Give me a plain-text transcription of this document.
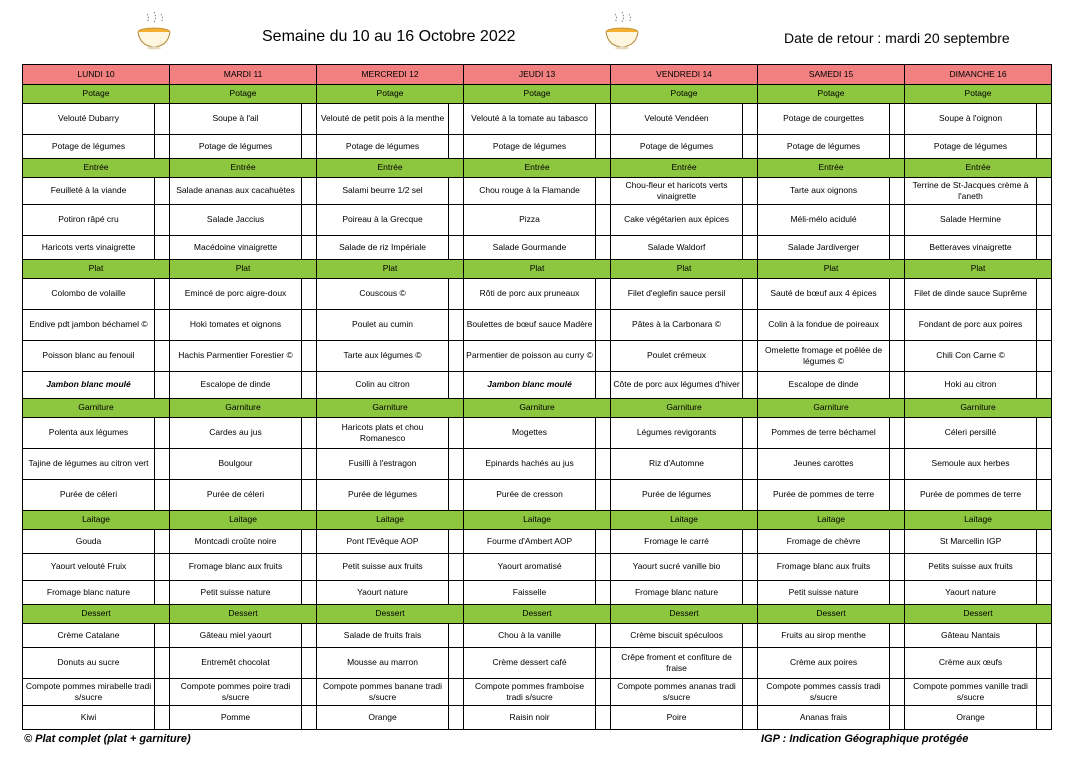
Semaine du 10 au 16 Octobre 2022	Date de retour : mardi 20 septembre
LUNDI 10		MARDI 11		MERCREDI 12		JEUDI 13		VENDREDI 14		SAMEDI 15		DIMANCHE 16	
Potage		Potage		Potage		Potage		Potage		Potage		Potage	
Velouté Dubarry		Soupe à l'ail		Velouté de petit pois à la menthe		Velouté à la tomate au tabasco		Velouté Vendéen		Potage de courgettes		Soupe à l'oignon	
Potage de légumes		Potage de légumes		Potage de légumes		Potage de légumes		Potage de légumes		Potage de légumes		Potage de légumes	
Entrée		Entrée		Entrée		Entrée		Entrée		Entrée		Entrée	
Feuilleté à la viande		Salade ananas aux cacahuètes		Salami beurre 1/2 sel		Chou rouge à la Flamande		Chou-fleur et haricots verts vinaigrette		Tarte aux oignons		Terrine de St-Jacques crème à l'aneth	
Potiron râpé cru		Salade Jaccius		Poireau à la Grecque		Pizza		Cake végétarien aux épices		Méli-mélo acidulé		Salade Hermine	
Haricots verts vinaigrette		Macédoine vinaigrette		Salade de riz Impériale		Salade Gourmande		Salade Waldorf		Salade Jardiverger		Betteraves vinaigrette	
Plat		Plat		Plat		Plat		Plat		Plat		Plat	
Colombo de volaille		Emincé de porc aigre-doux		Couscous ©		Rôti de porc aux pruneaux		Filet d'eglefin sauce persil		Sauté de bœuf aux 4 épices		Filet de dinde sauce Suprême	
Endive pdt jambon béchamel ©		Hoki tomates et oignons		Poulet au cumin		Boulettes de bœuf sauce Madère		Pâtes à la Carbonara ©		Colin à la fondue de poireaux		Fondant de porc aux poires	
Poisson blanc au fenouil		Hachis Parmentier Forestier ©		Tarte aux légumes ©		Parmentier de poisson au curry ©		Poulet crémeux		Omelette fromage et poêlée de légumes ©		Chili Con Carne ©	
Jambon blanc moulé		Escalope de dinde		Colin au citron		Jambon blanc moulé		Côte de porc aux légumes d'hiver		Escalope de dinde		Hoki au citron	
Garniture		Garniture		Garniture		Garniture		Garniture		Garniture		Garniture	
Polenta aux légumes		Cardes au jus		Haricots plats et chou Romanesco		Mogettes		Légumes revigorants		Pommes de terre béchamel		Céleri persillé	
Tajine de légumes au citron vert		Boulgour		Fusilli à l'estragon		Epinards hachés au jus		Riz d'Automne		Jeunes carottes		Semoule aux herbes	
Purée de céleri		Purée de céleri		Purée de légumes		Purée de cresson		Purée de légumes		Purée de pommes de terre		Purée de pommes de terre	
Laitage		Laitage		Laitage		Laitage		Laitage		Laitage		Laitage	
Gouda		Montcadi croûte noire		Pont l'Evêque AOP		Fourme d'Ambert AOP		Fromage le carré		Fromage de chèvre		St Marcellin IGP	
Yaourt velouté Fruix		Fromage blanc aux fruits		Petit suisse aux fruits		Yaourt aromatisé		Yaourt sucré vanille bio		Fromage blanc aux fruits		Petits suisse aux fruits	
Fromage blanc nature		Petit suisse nature		Yaourt nature		Faisselle		Fromage blanc nature		Petit suisse nature		Yaourt nature	
Dessert		Dessert		Dessert		Dessert		Dessert		Dessert		Dessert	
Crème Catalane		Gâteau miel yaourt		Salade de fruits frais		Chou à la vanille		Crème biscuit spéculoos		Fruits au sirop menthe		Gâteau Nantais	
Donuts au sucre		Entremêt chocolat		Mousse au marron		Crème dessert café		Crêpe froment et confiture de fraise		Crème aux poires		Crème aux œufs	
Compote pommes mirabelle tradi s/sucre		Compote pommes poire tradi s/sucre		Compote pommes banane tradi s/sucre		Compote pommes framboise tradi s/sucre		Compote pommes ananas tradi s/sucre		Compote pommes cassis tradi s/sucre		Compote pommes vanille tradi s/sucre	
Kiwi		Pomme		Orange		Raisin noir		Poire		Ananas frais		Orange	
© Plat complet (plat + garniture)	IGP : Indication Géographique protégée
